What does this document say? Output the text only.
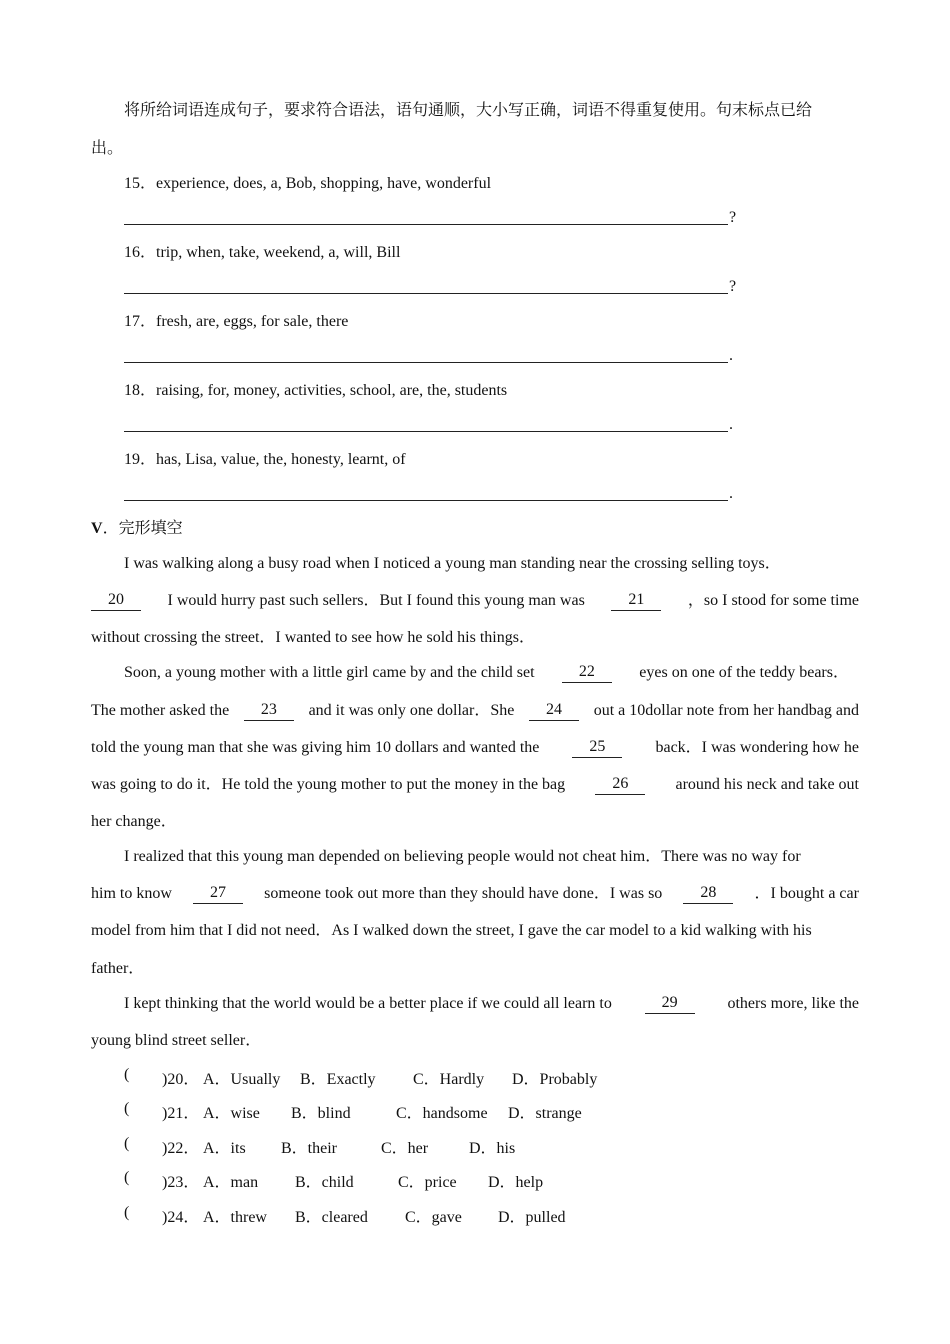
将所给词语连成句子，要求符合语法，语句通顺，大小写正确，词语不得重复使用。句末标点已给
出。
15．experience, does, a, Bob, shopping, have, wonderful
?
16．trip, when, take, weekend, a, will, Bill
?
17．fresh, are, eggs, for sale, there
.
18．raising, for, money, activities, school, are, the, students
.
19．has, Lisa, value, the, honesty, learnt, of
.
V．完形填空
I was walking along a busy road when I noticed a young man standing near the crossing selling toys．
20	I would hurry past such sellers．But I found this young man was	21	，so I stood for some time
without crossing the street．I wanted to see how he sold his things．
Soon, a young mother with a little girl came by and the child set	22	eyes on one of the teddy bears．
The mother asked the	23	and it was only one dollar．She	24	out a 10dollar note from her handbag and
told the young man that she was giving him 10 dollars and wanted the	25	back．I was wondering how he
was going to do it．He told the young mother to put the money in the bag	26	around his neck and take out
her change．
I realized that this young man depended on believing people would not cheat him．There was no way for
him to know	27	someone took out more than they should have done．I was so	28	．I bought a car
model from him that I did not need．As I walked down the street, I gave the car model to a kid walking with his
father．
I kept thinking that the world would be a better place if we could all learn to	29	others more, like the
young blind street seller．
( )20． A．Usually B．Exactly C．Hardly D．Probably
( )21． A．wise B．blind	C．handsome D．strange
( )22． A．its B．their	C．her	D．his
( )23． A．man B．child	C．price D．help
( )24． A．threw B．cleared C．gave D．pulled
